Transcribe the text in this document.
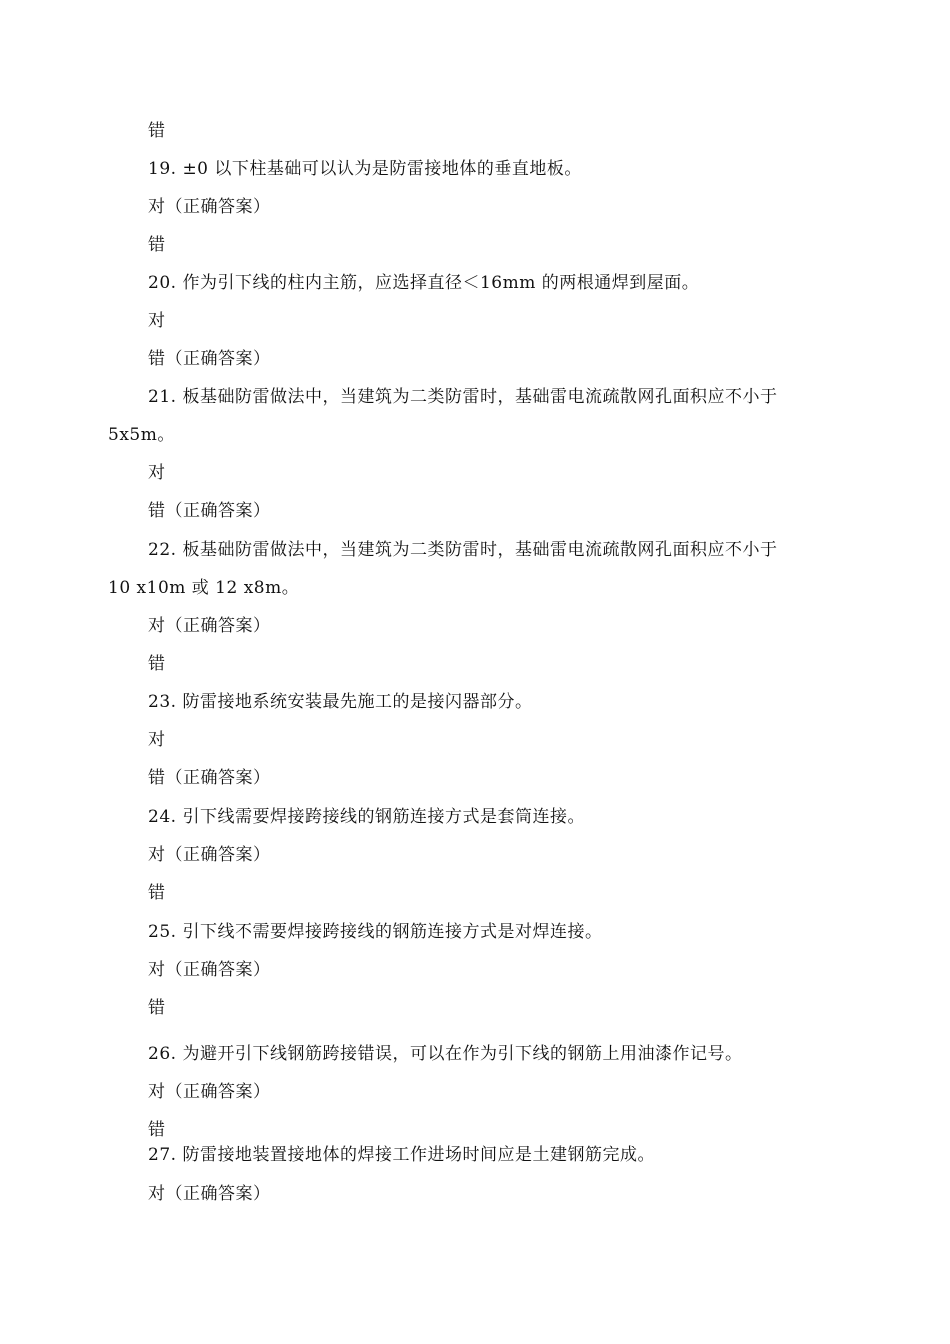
错
19. ±0 以下柱基础可以认为是防雷接地体的垂直地板。
对（正确答案）
错
20. 作为引下线的柱内主筋，应选择直径＜16mm 的两根通焊到屋面。
对
错（正确答案）
21. 板基础防雷做法中，当建筑为二类防雷时，基础雷电流疏散网孔面积应不小于
5x5m。
对
错（正确答案）
22. 板基础防雷做法中，当建筑为二类防雷时，基础雷电流疏散网孔面积应不小于
10 x10m 或 12 x8m。
对（正确答案）
错
23. 防雷接地系统安装最先施工的是接闪器部分。
对
错（正确答案）
24. 引下线需要焊接跨接线的钢筋连接方式是套筒连接。
对（正确答案）
错
25. 引下线不需要焊接跨接线的钢筋连接方式是对焊连接。
对（正确答案）
错
26. 为避开引下线钢筋跨接错误，可以在作为引下线的钢筋上用油漆作记号。
对（正确答案）
错
27. 防雷接地装置接地体的焊接工作进场时间应是土建钢筋完成。
对（正确答案）
